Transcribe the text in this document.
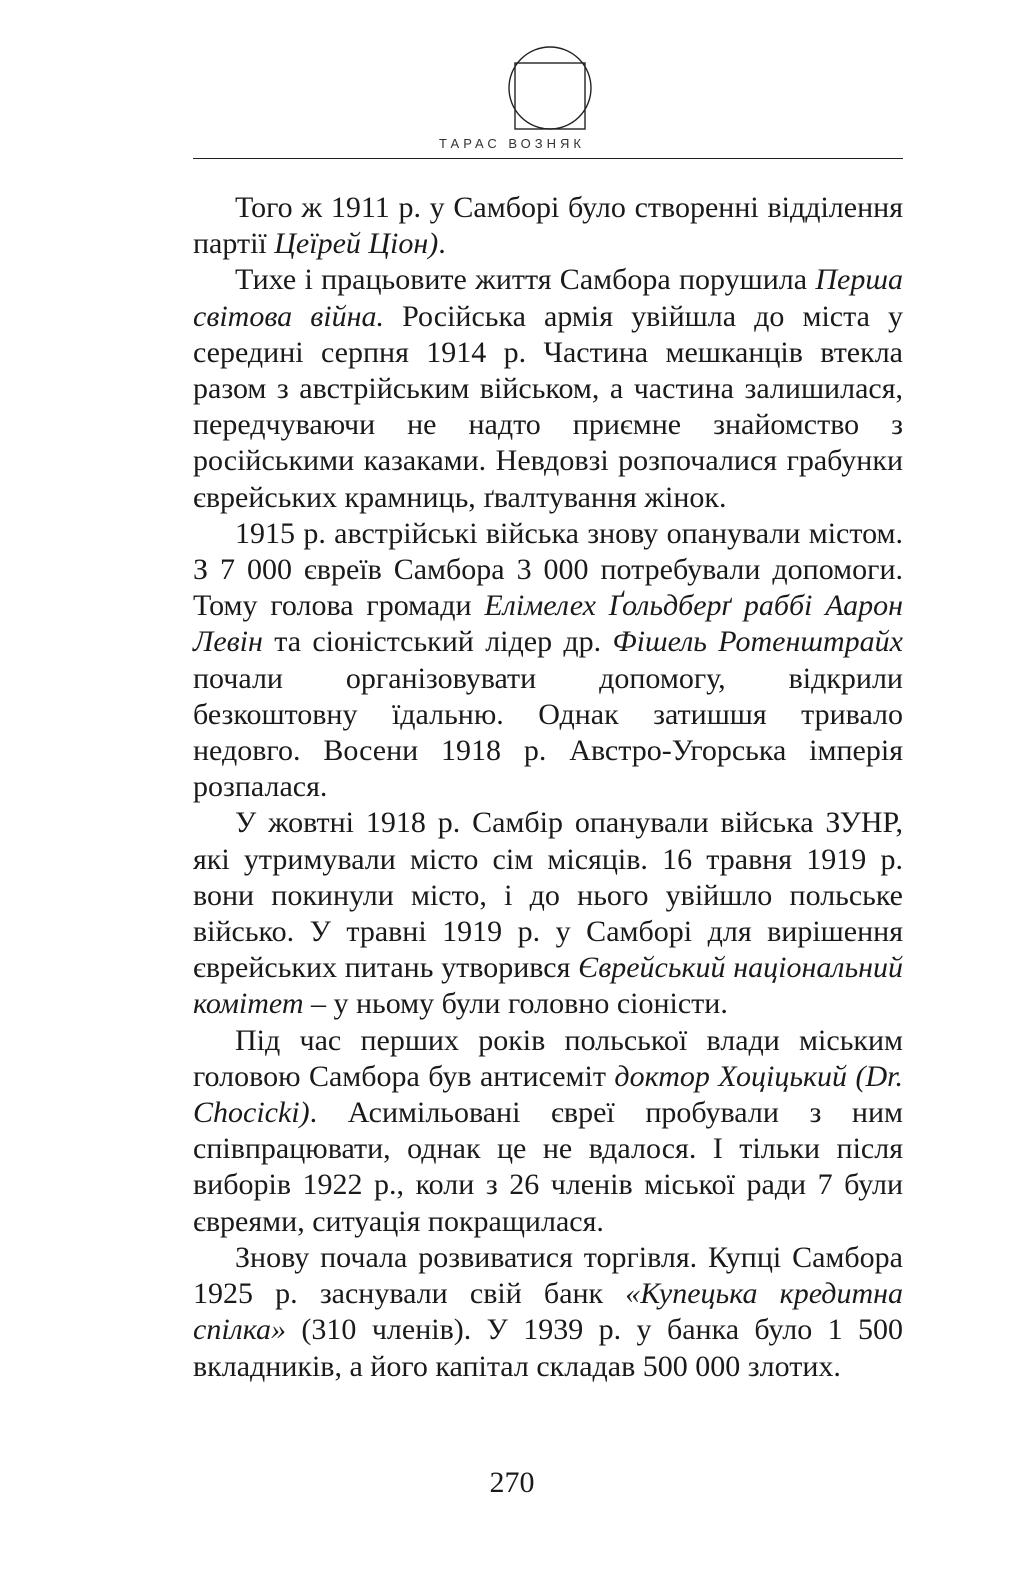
ТАРАС ВОЗНЯК

Того ж 1911 р. у Самборі було створенні відділення партії Цеїрей Ціон).

Тихе і працьовите життя Самбора порушила Перша світова війна. Російська армія увійшла до міста у середині серпня 1914 р. Частина мешканців втекла разом з австрійським військом, а частина залишилася, передчуваючи не надто приємне знайомство з російськими казаками. Невдовзі розпочалися грабунки єврейських крамниць, ґвалтування жінок.

1915 р. австрійські війська знову опанували містом. З 7 000 євреїв Самбора 3 000 потребували допомоги. Тому голова громади Елімелех Ґольдберґ раббі Аарон Левін та сіоністський лідер др. Фішель Ротенштрайх почали організовувати допомогу, відкрили безкоштовну їдальню. Однак затишшя тривало недовго. Восени 1918 р. Австро-Угорська імперія розпалася.

У жовтні 1918 р. Самбір опанували війська ЗУНР, які утримували місто сім місяців. 16 травня 1919 р. вони покинули місто, і до нього увійшло польське військо. У травні 1919 р. у Самборі для вирішення єврейських питань утворився Єврейський національний комітет – у ньому були головно сіоністи.

Під час перших років польської влади міським головою Самбора був антисеміт доктор Хоціцький (Dr. Chocicki). Асимільовані євреї пробували з ним співпрацювати, однак це не вдалося. І тільки після виборів 1922 р., коли з 26 членів міської ради 7 були євреями, ситуація покращилася.

Знову почала розвиватися торгівля. Купці Самбора 1925 р. заснували свій банк «Купецька кредитна спілка» (310 членів). У 1939 р. у банка було 1 500 вкладників, а його капітал складав 500 000 злотих.

270
